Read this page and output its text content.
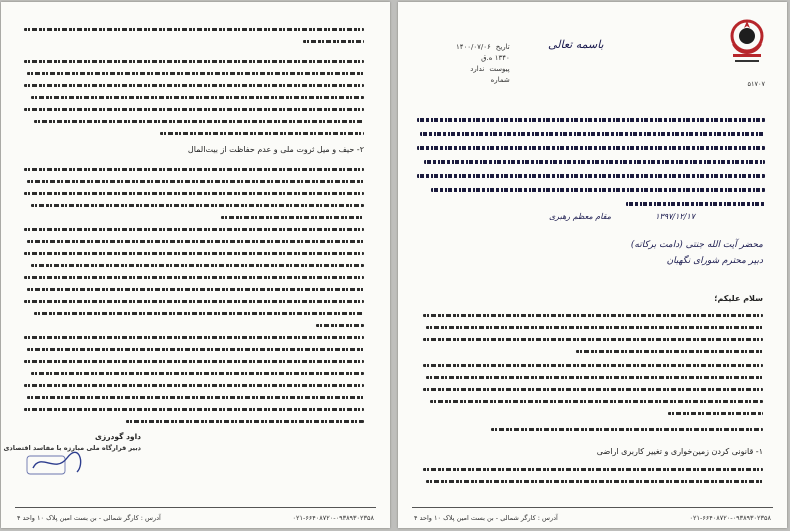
۲- حیف و میل ثروت ملی و عدم حفاظت از بیت‌المال
داود گودرزی
دبیر قرارگاه ملی مبارزه با مفاسد اقتصادی
۰۲۱-۶۶۴۰۸۷۲۰-۰۹۳۸۹۳۰۲۳۵۸
آدرس : کارگر شمالی - بن بست امین پلاک ۱۰ واحد ۴
۵۱۷۰۷
باسمه تعالی
تاریخ
۱۴۰۰/۰۷/۰۶
۱۳۴۰ ه.ق
پیوست
ندارد
شماره
مقام معظم رهبری	۱۳۹۷/۱۲/۱۷
محضر آیت الله جنتی (دامت برکاته)
دبیر محترم شورای نگهبان
سلام علیکم؛
۱- قانونی کردن زمین‌خواری و تغییر کاربری اراضی
۰۲۱-۶۶۴۰۸۷۲۰-۰۹۳۸۹۳۰۲۳۵۸
آدرس : کارگر شمالی - بن بست امین پلاک ۱۰ واحد ۴
